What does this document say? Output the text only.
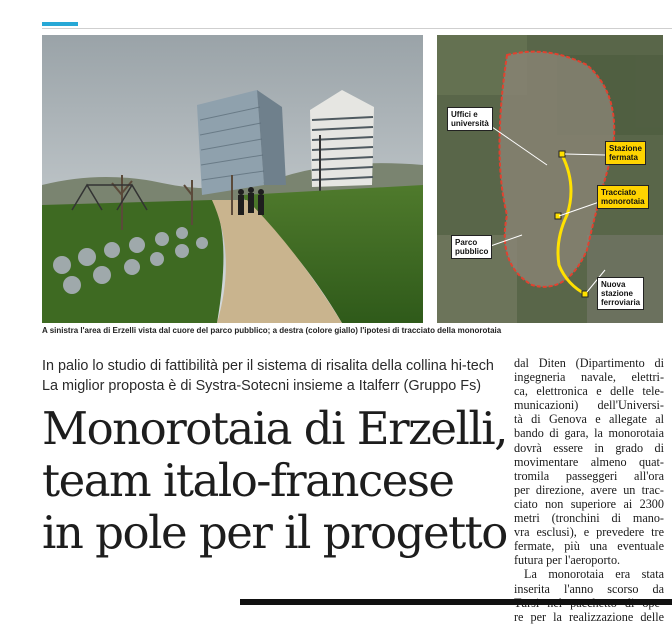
Uffici e
università
Stazione
fermata
Tracciato
monorotaia
Parco
pubblico
Nuova
stazione
ferroviaria
A sinistra l'area di Erzelli vista dal cuore del parco pubblico; a destra (colore giallo) l'ipotesi di tracciato della monorotaia
In palio lo studio di fattibilità per il sistema di risalita della collina hi-tech
La miglior proposta è di Systra-Sotecni insieme a Italferr (Gruppo Fs)
Monorotaia di Erzelli,
team italo-francese
in pole per il progetto

dal Diten (Dipartimento di
ingegneria navale, elettri-
ca, elettronica e delle tele-
municazioni) dell'Universi-
tà di Genova e allegate al
bando di gara, la monorotaia
dovrà essere in grado di
movimentare almeno quat-
tromila passeggeri all'ora
per direzione, avere un trac-
ciato non superiore ai 2300
metri (tronchini di mano-
vra esclusi), e prevedere tre
fermate, più una eventuale
futura per l'aeroporto.

La monorotaia era stata
inserita l'anno scorso da
re per la realizzazione delle
